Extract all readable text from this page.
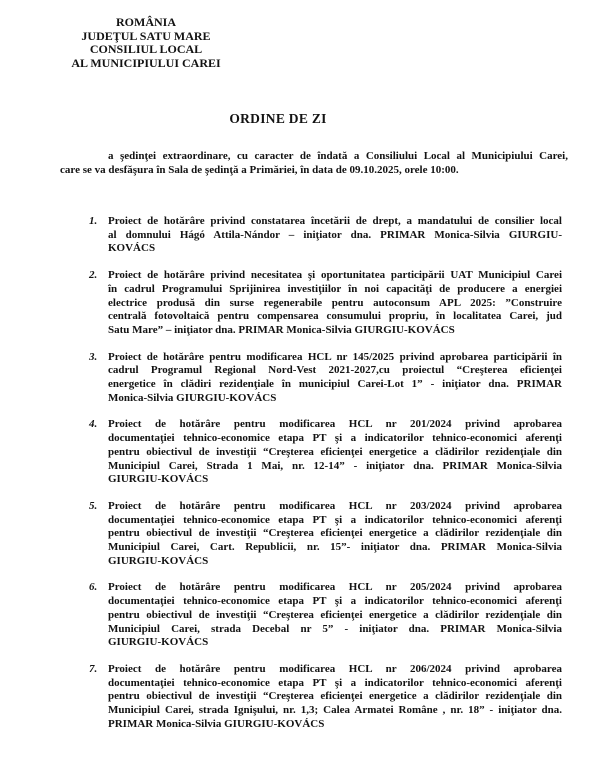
ROMÂNIA
JUDEŢUL SATU MARE
CONSILIUL LOCAL
AL MUNICIPIULUI CAREI
ORDINE DE ZI
a şedinţei extraordinare, cu caracter de îndată a Consiliului Local al Municipiului Carei,
care se va desfăşura în Sala de şedinţă a Primăriei, în data de 09.10.2025, orele 10:00.
1. Proiect de hotărâre privind constatarea încetării de drept, a mandatului de consilier local
al domnului Hágó Attila-Nándor – iniţiator dna. PRIMAR Monica-Silvia GIURGIU-
KOVÁCS
2. Proiect de hotărâre privind necesitatea şi oportunitatea participării UAT Municipiul Carei
în cadrul Programului Sprijinirea investiţiilor în noi capacităţi de producere a energiei
electrice produsă din surse regenerabile pentru autoconsum APL 2025: ”Construire
centrală fotovoltaică pentru compensarea consumului propriu, în localitatea Carei, jud
Satu Mare” – iniţiator dna. PRIMAR Monica-Silvia GIURGIU-KOVÁCS
3. Proiect de hotărâre pentru modificarea HCL nr 145/2025 privind aprobarea participării în
cadrul Programul Regional Nord-Vest 2021-2027,cu proiectul “Creşterea eficienţei
energetice în clădiri rezidenţiale în municipiul Carei-Lot 1” - iniţiator dna. PRIMAR
Monica-Silvia GIURGIU-KOVÁCS
4. Proiect de hotărâre pentru modificarea HCL nr 201/2024 privind aprobarea
documentaţiei tehnico-economice etapa PT şi a indicatorilor tehnico-economici aferenţi
pentru obiectivul de investiţii “Creşterea eficienţei energetice a clădirilor rezidenţiale din
Municipiul Carei, Strada 1 Mai, nr. 12-14” - iniţiator dna. PRIMAR Monica-Silvia
GIURGIU-KOVÁCS
5. Proiect de hotărâre pentru modificarea HCL nr 203/2024 privind aprobarea
documentaţiei tehnico-economice etapa PT şi a indicatorilor tehnico-economici aferenţi
pentru obiectivul de investiţii “Creşterea eficienţei energetice a clădirilor rezidenţiale din
Municipiul Carei, Cart. Republicii, nr. 15”- iniţiator dna. PRIMAR Monica-Silvia
GIURGIU-KOVÁCS
6. Proiect de hotărâre pentru modificarea HCL nr 205/2024 privind aprobarea
documentaţiei tehnico-economice etapa PT şi a indicatorilor tehnico-economici aferenţi
pentru obiectivul de investiţii “Creşterea eficienţei energetice a clădirilor rezidenţiale din
Municipiul Carei, strada Decebal nr 5” - iniţiator dna. PRIMAR Monica-Silvia
GIURGIU-KOVÁCS
7. Proiect de hotărâre pentru modificarea HCL nr 206/2024 privind aprobarea
documentaţiei tehnico-economice etapa PT şi a indicatorilor tehnico-economici aferenţi
pentru obiectivul de investiţii “Creşterea eficienţei energetice a clădirilor rezidenţiale din
Municipiul Carei, strada Ignişului, nr. 1,3; Calea Armatei Române , nr. 18” - iniţiator dna.
PRIMAR Monica-Silvia GIURGIU-KOVÁCS
